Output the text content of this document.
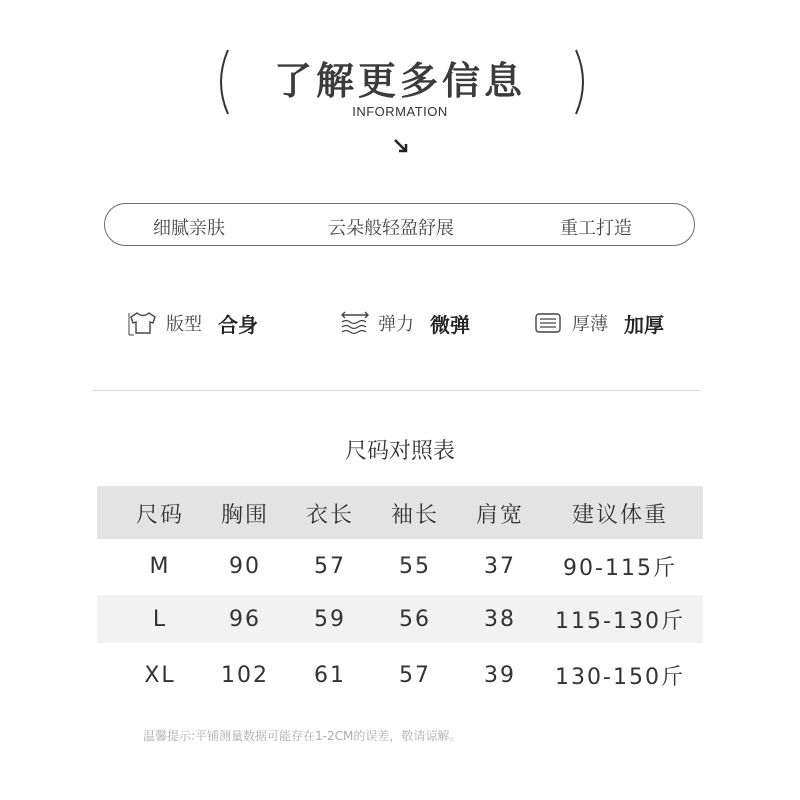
了解更多信息
INFORMATION
细腻亲肤	云朵般轻盈舒展	重工打造
版型 合身	弹力 微弹	厚薄 加厚
尺码对照表
尺码	胸围	衣长	袖长	肩宽	建议体重
M	90	57	55	37	90-115斤
L	96	59	56	38	115-130斤
XL	102	61	57	39	130-150斤
温馨提示:平铺测量数据可能存在1-2CM的误差，敬请谅解。
